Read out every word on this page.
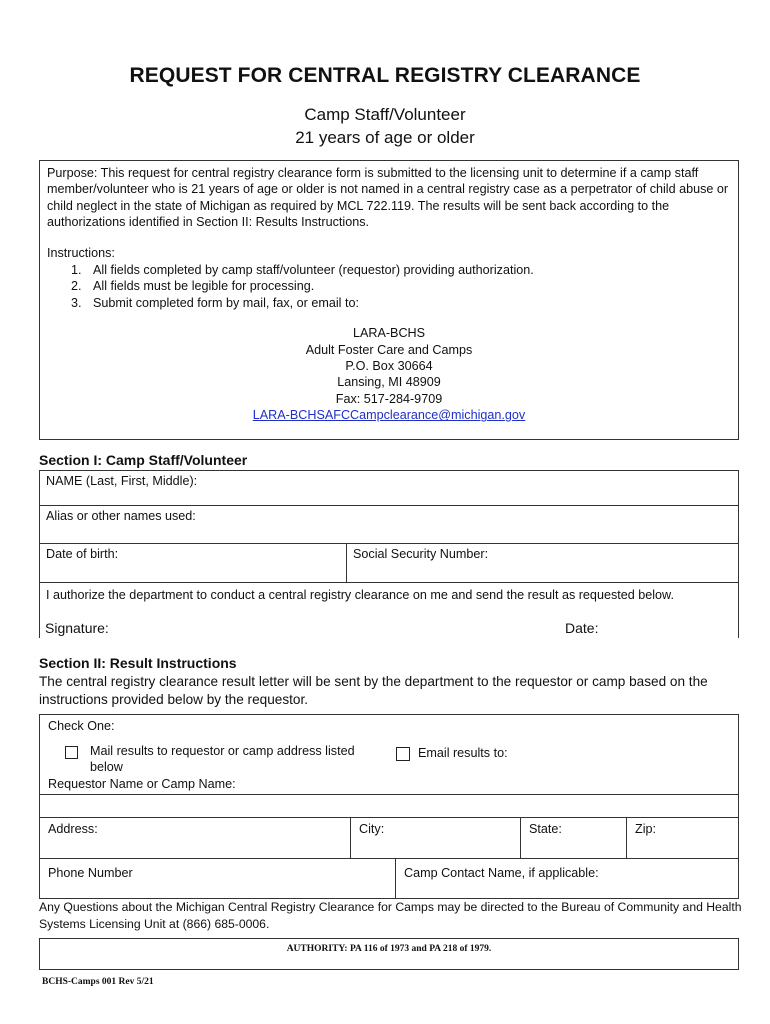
REQUEST FOR CENTRAL REGISTRY CLEARANCE
Camp Staff/Volunteer
21 years of age or older

Purpose: This request for central registry clearance form is submitted to the licensing unit to determine if a camp staff member/volunteer who is 21 years of age or older is not named in a central registry case as a perpetrator of child abuse or child neglect in the state of Michigan as required by MCL 722.119. The results will be sent back according to the authorizations identified in Section II: Results Instructions.

Instructions:
1. All fields completed by camp staff/volunteer (requestor) providing authorization.
2. All fields must be legible for processing.
3. Submit completed form by mail, fax, or email to:
LARA-BCHS
Adult Foster Care and Camps
P.O. Box 30664
Lansing, MI 48909
Fax: 517-284-9709
LARA-BCHSAFCCampclearance@michigan.gov
Section I: Camp Staff/Volunteer
NAME (Last, First, Middle):
Alias or other names used:
Date of birth:	Social Security Number:
I authorize the department to conduct a central registry clearance on me and send the result as requested below.
Signature:	Date:
Section II: Result Instructions
The central registry clearance result letter will be sent by the department to the requestor or camp based on the instructions provided below by the requestor.
Check One:
Mail results to requestor or camp address listed below
Email results to:
Requestor Name or Camp Name:
Address:	City:	State:	Zip:
Phone Number	Camp Contact Name, if applicable:
Any Questions about the Michigan Central Registry Clearance for Camps may be directed to the Bureau of Community and Health Systems Licensing Unit at (866) 685-0006.
AUTHORITY: PA 116 of 1973 and PA 218 of 1979.
BCHS-Camps 001 Rev 5/21
